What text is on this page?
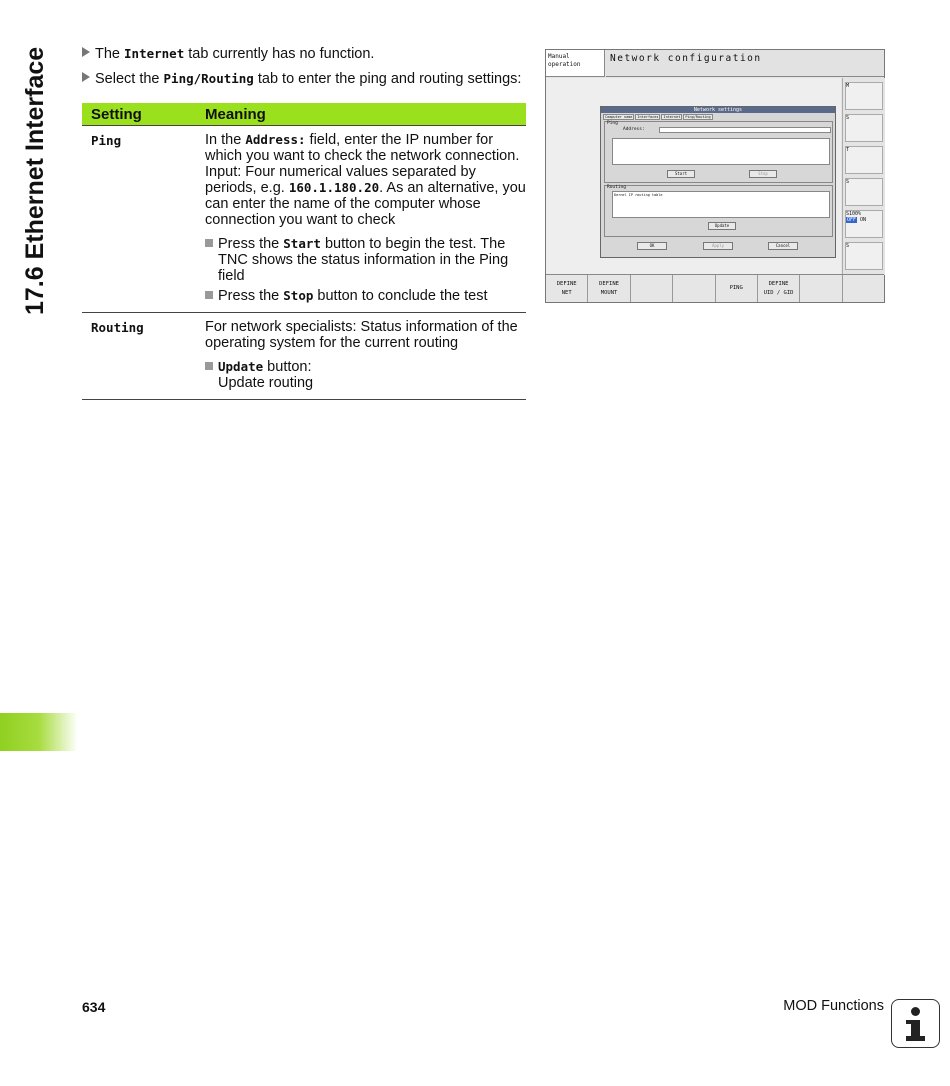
17.6 Ethernet Interface	The Internet tab currently has no function.
Select the Ping/Routing tab to enter the ping and routing settings:
Setting	Meaning
Ping	In the Address: field, enter the IP number for which you want to check the network connection. Input: Four numerical values separated by periods, e.g. 160.1.180.20. As an alternative, you can enter the name of the computer whose connection you want to check

Press the Start button to begin the test. The TNC shows the status information in the Ping field
Press the Stop button to conclude the test
Routing	For network specialists: Status information of the operating system for the current routing

Update button:
Update routing
Manual
operation
Network configuration
Network settings
Computer name	Interfaces	Internet	Ping/Routing
Ping
Address:
Start	Stop
Routing
Kernel IP routing table
Update
OK	Apply	Cancel
M
S
T
S
S100%
OFF ON
S
DEFINE
NET
DEFINE
MOUNT
PING
DEFINE
UID / GID
634	MOD Functions
